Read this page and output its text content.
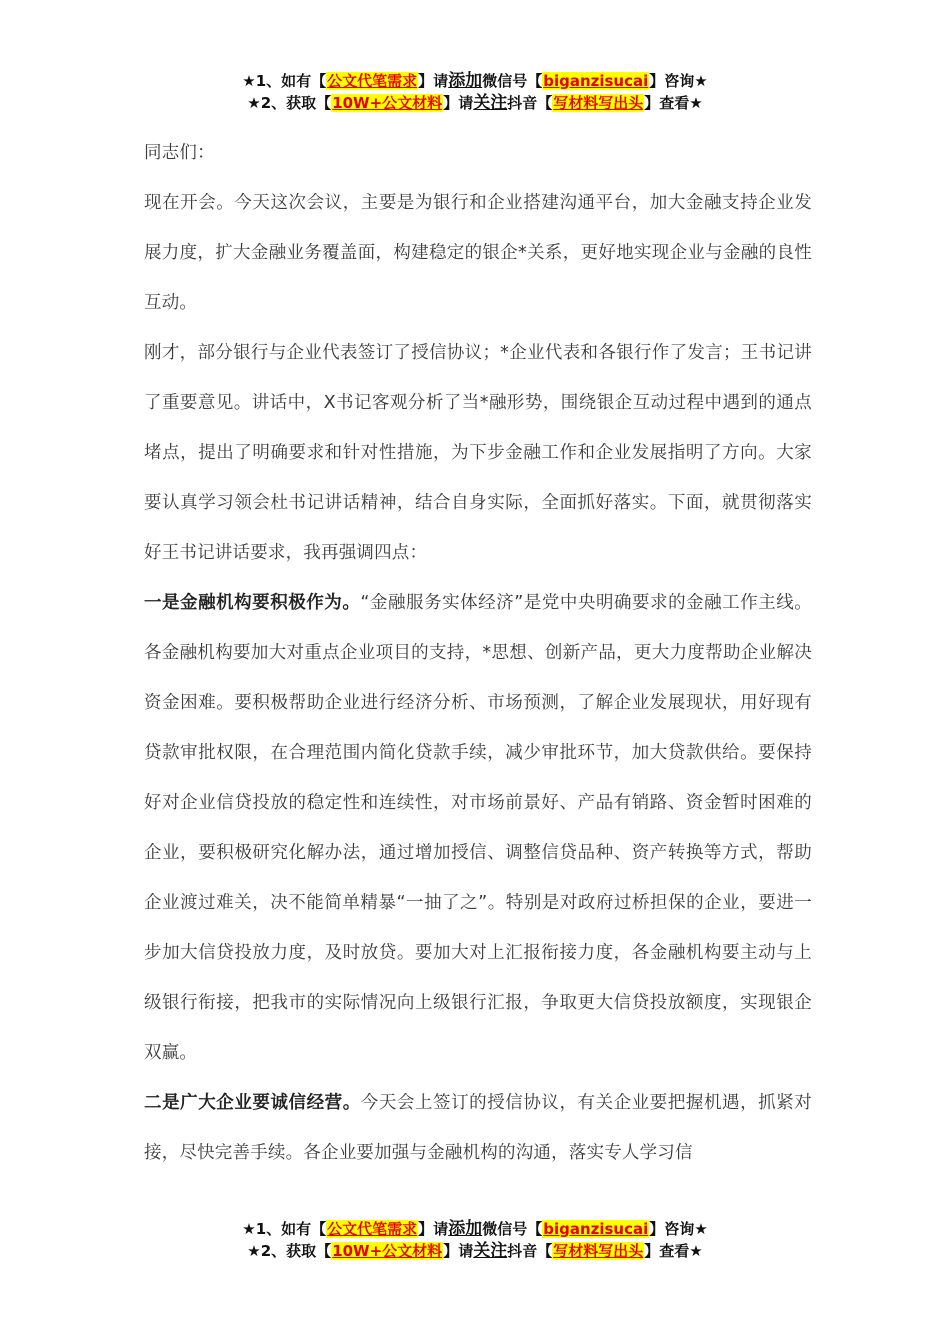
★1、如有【公文代笔需求】请添加微信号【biganzisucai】咨询★
★2、获取【10W+公文材料】请关注抖音【写材料写出头】查看★

同志们：

现在开会。今天这次会议，主要是为银行和企业搭建沟通平台，加大金融支持企业发展力度，扩大金融业务覆盖面，构建稳定的银企*关系，更好地实现企业与金融的良性互动。

刚才，部分银行与企业代表签订了授信协议；*企业代表和各银行作了发言；王书记讲了重要意见。讲话中，X书记客观分析了当*融形势，围绕银企互动过程中遇到的通点堵点，提出了明确要求和针对性措施，为下步金融工作和企业发展指明了方向。大家要认真学习领会杜书记讲话精神，结合自身实际，全面抓好落实。下面，就贯彻落实好王书记讲话要求，我再强调四点：

一是金融机构要积极作为。“金融服务实体经济”是党中央明确要求的金融工作主线。各金融机构要加大对重点企业项目的支持，*思想、创新产品，更大力度帮助企业解决资金困难。要积极帮助企业进行经济分析、市场预测，了解企业发展现状，用好现有贷款审批权限，在合理范围内简化贷款手续，减少审批环节，加大贷款供给。要保持好对企业信贷投放的稳定性和连续性，对市场前景好、产品有销路、资金暂时困难的企业，要积极研究化解办法，通过增加授信、调整信贷品种、资产转换等方式，帮助企业渡过难关，决不能简单精暴“一抽了之”。特别是对政府过桥担保的企业，要进一步加大信贷投放力度，及时放贷。要加大对上汇报衔接力度，各金融机构要主动与上级银行衔接，把我市的实际情况向上级银行汇报，争取更大信贷投放额度，实现银企双赢。

二是广大企业要诚信经营。今天会上签订的授信协议，有关企业要把握机遇，抓紧对接，尽快完善手续。各企业要加强与金融机构的沟通，落实专人学习信

★1、如有【公文代笔需求】请添加微信号【biganzisucai】咨询★
★2、获取【10W+公文材料】请关注抖音【写材料写出头】查看★
